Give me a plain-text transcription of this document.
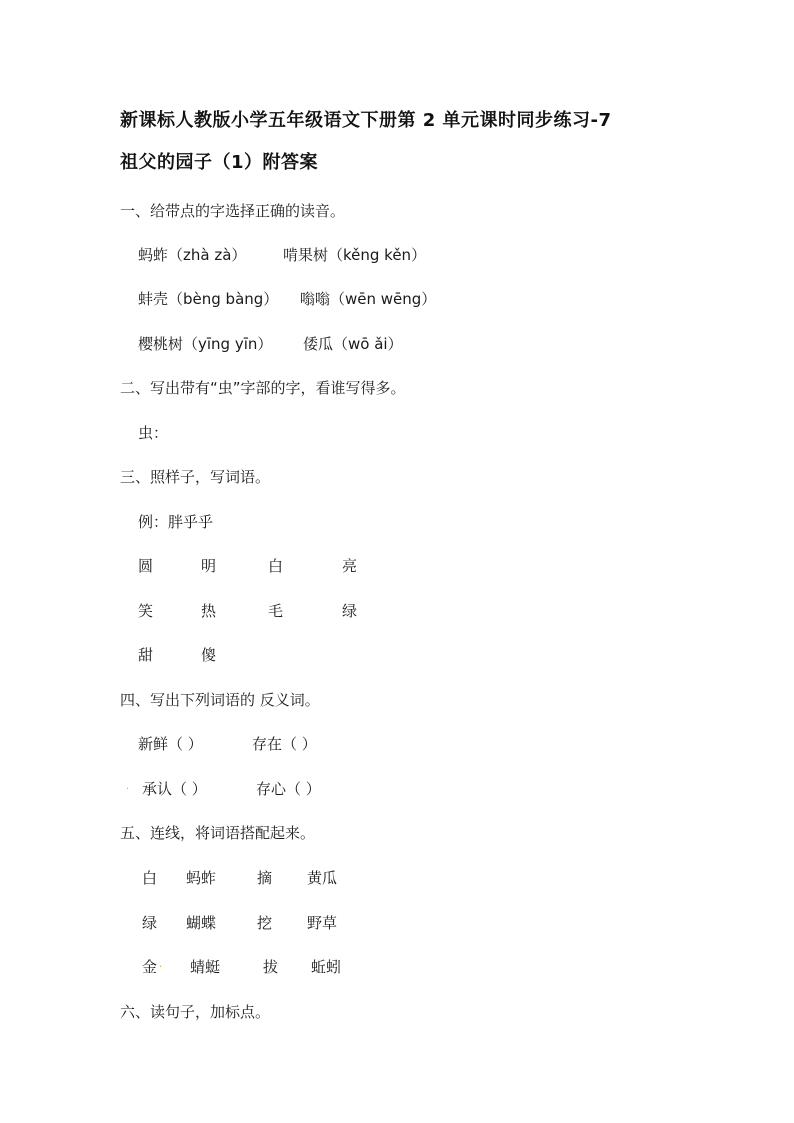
新课标人教版小学五年级语文下册第 2 单元课时同步练习-7
祖父的园子（1）附答案
一、给带点的字选择正确的读音。
蚂蚱（zhà zà） 啃果树（kěng kěn）
蚌壳（bèng bàng） 嗡嗡（wēn wēng）
樱桃树（yīng yīn） 倭瓜（wō ǎi）
二、写出带有“虫”字部的字，看谁写得多。
虫：
三、照样子，写词语。
例：胖乎乎
圆	明	白	亮
笑	热	毛	绿
甜	傻
四、写出下列词语的 反义词。
新鲜（ ）	存在（ ）
· 承认（ ）	存心（ ）
五、连线，将词语搭配起来。
白 蚂蚱	摘 黄瓜
绿 蝴蝶	挖 野草
金 · 蜻蜓	拔 蚯蚓
六、读句子，加标点。
